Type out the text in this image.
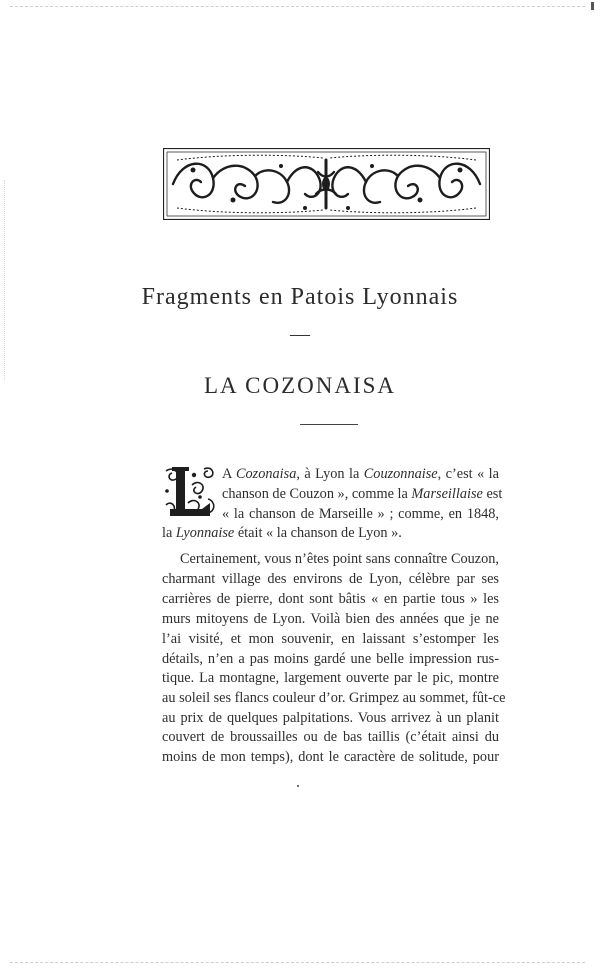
Fragments en Patois Lyonnais
—
LA COZONAISA
A Cozonaisa, à Lyon la Couzonnaise, c’est « la
chanson de Couzon », comme la Marseillaise est
« la chanson de Marseille » ; comme, en 1848,
la Lyonnaise était « la chanson de Lyon ».
Certainement, vous n’êtes point sans connaître Couzon,
charmant village des environs de Lyon, célèbre par ses
carrières de pierre, dont sont bâtis « en partie tous » les
murs mitoyens de Lyon. Voilà bien des années que je ne
l’ai visité, et mon souvenir, en laissant s’estomper les
détails, n’en a pas moins gardé une belle impression rus-
tique. La montagne, largement ouverte par le pic, montre
au soleil ses flancs couleur d’or. Grimpez au sommet, fût-ce
au prix de quelques palpitations. Vous arrivez à un planit
couvert de broussailles ou de bas taillis (c’était ainsi du
moins de mon temps), dont le caractère de solitude, pour
